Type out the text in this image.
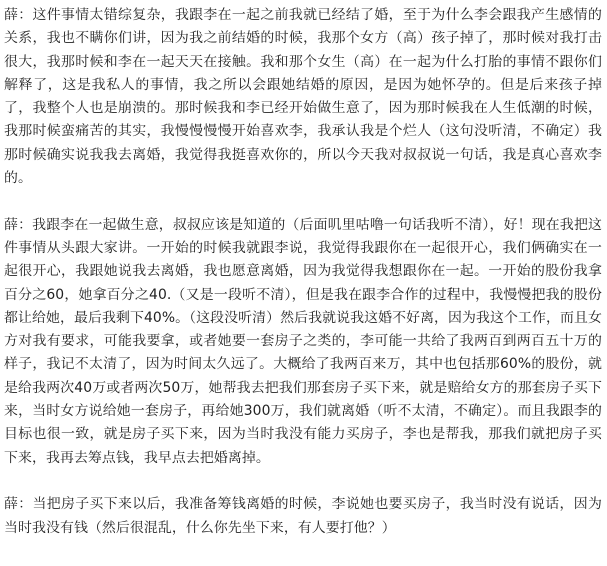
薛：这件事情太错综复杂，我跟李在一起之前我就已经结了婚，至于为什么李会跟我产生感情的关系，我也不瞒你们讲，因为我之前结婚的时候，我那个女方（高）孩子掉了，那时候对我打击很大，我那时候和李在一起天天在接触。我和那个女生（高）在一起为什么打胎的事情不跟你们解释了，这是我私人的事情，我之所以会跟她结婚的原因，是因为她怀孕的。但是后来孩子掉了，我整个人也是崩溃的。那时候我和李已经开始做生意了，因为那时候我在人生低潮的时候，我那时候蛮痛苦的其实，我慢慢慢慢开始喜欢李，我承认我是个烂人（这句没听清，不确定）我那时候确实说我我去离婚，我觉得我挺喜欢你的，所以今天我对叔叔说一句话，我是真心喜欢李的。

薛：我跟李在一起做生意，叔叔应该是知道的（后面叽里咕噜一句话我听不清），好！现在我把这件事情从头跟大家讲。一开始的时候我就跟李说，我觉得我跟你在一起很开心，我们俩确实在一起很开心，我跟她说我去离婚，我也愿意离婚，因为我觉得我想跟你在一起。一开始的股份我拿百分之60，她拿百分之40.（又是一段听不清），但是我在跟李合作的过程中，我慢慢把我的股份都让给她，最后我剩下40%。（这段没听清）然后我就说我这婚不好离，因为我这个工作，而且女方对我有要求，可能我要拿，或者她要一套房子之类的，李可能一共给了我两百到两百五十万的样子，我记不太清了，因为时间太久远了。大概给了我两百来万，其中也包括那60%的股份，就是给我两次40万或者两次50万，她帮我去把我们那套房子买下来，就是赔给女方的那套房子买下来，当时女方说给她一套房子，再给她300万，我们就离婚（听不太清，不确定）。而且我跟李的目标也很一致，就是房子买下来，因为当时我没有能力买房子，李也是帮我，那我们就把房子买下来，我再去筹点钱，我早点去把婚离掉。

薛：当把房子买下来以后，我准备筹钱离婚的时候，李说她也要买房子，我当时没有说话，因为当时我没有钱（然后很混乱，什么你先坐下来，有人要打他？）
